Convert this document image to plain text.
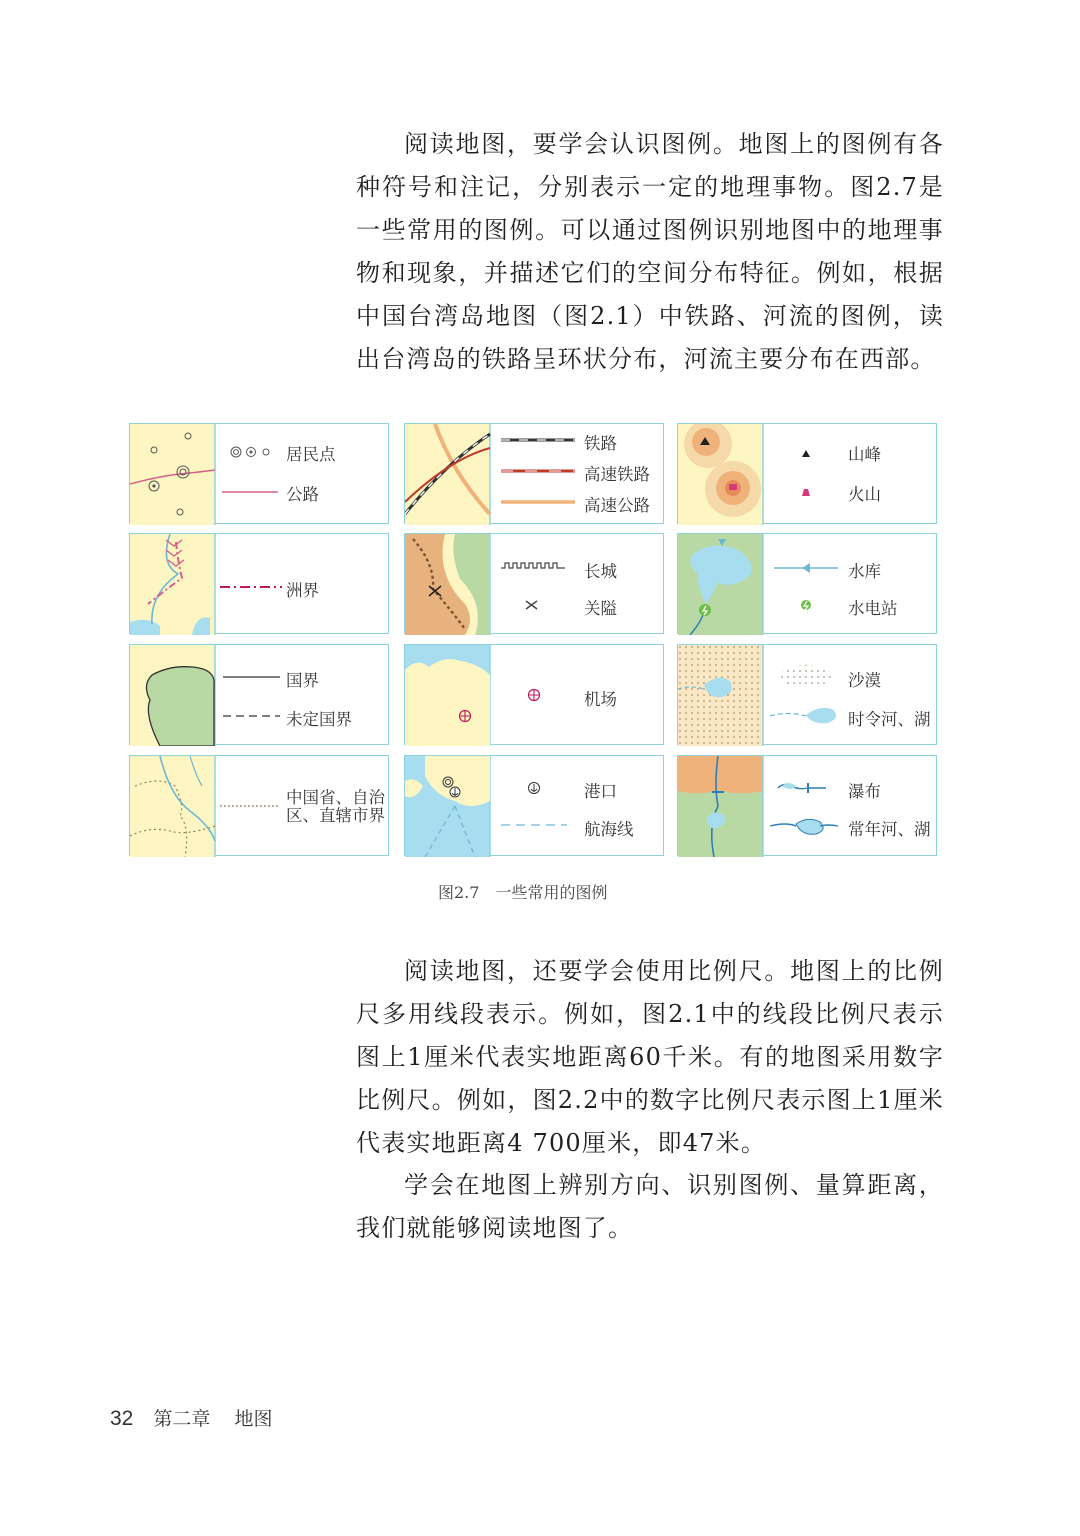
阅读地图，要学会认识图例。地图上的图例有各种符号和注记，分别表示一定的地理事物。图2.7是一些常用的图例。可以通过图例识别地图中的地理事物和现象，并描述它们的空间分布特征。例如，根据中国台湾岛地图（图2.1）中铁路、河流的图例，读出台湾岛的铁路呈环状分布，河流主要分布在西部。

居民点
公路
铁路
高速铁路
高速公路
山峰
火山
洲界
长城
关隘
水库
水电站
国界
未定国界
机场
沙漠
时令河、湖
中国省、自治区、直辖市界
港口
航海线
瀑布
常年河、湖
图2.7　一些常用的图例

阅读地图，还要学会使用比例尺。地图上的比例尺多用线段表示。例如，图2.1中的线段比例尺表示图上1厘米代表实地距离60千米。有的地图采用数字比例尺。例如，图2.2中的数字比例尺表示图上1厘米代表实地距离4 700厘米，即47米。

学会在地图上辨别方向、识别图例、量算距离，我们就能够阅读地图了。

32 第二章 地图
